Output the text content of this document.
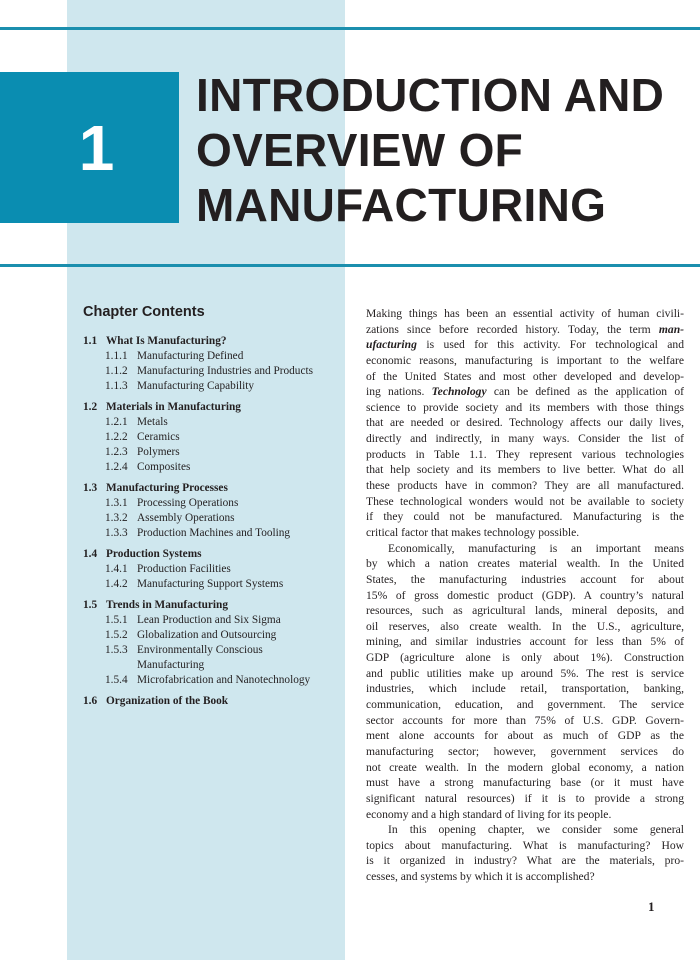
1
INTRODUCTION AND
OVERVIEW OF
MANUFACTURING
Chapter Contents
1.1 What Is Manufacturing?
1.1.1 Manufacturing Defined
1.1.2 Manufacturing Industries and Products
1.1.3 Manufacturing Capability
1.2 Materials in Manufacturing
1.2.1 Metals
1.2.2 Ceramics
1.2.3 Polymers
1.2.4 Composites
1.3 Manufacturing Processes
1.3.1 Processing Operations
1.3.2 Assembly Operations
1.3.3 Production Machines and Tooling
1.4 Production Systems
1.4.1 Production Facilities
1.4.2 Manufacturing Support Systems
1.5 Trends in Manufacturing
1.5.1 Lean Production and Six Sigma
1.5.2 Globalization and Outsourcing
1.5.3 Environmentally Conscious
Manufacturing
1.5.4 Microfabrication and Nanotechnology
1.6 Organization of the Book
Making things has been an essential activity of human civili-
zations since before recorded history. Today, the term man-
ufacturing is used for this activity. For technological and
economic reasons, manufacturing is important to the welfare
of the United States and most other developed and develop-
ing nations. Technology can be defined as the application of
science to provide society and its members with those things
that are needed or desired. Technology affects our daily lives,
directly and indirectly, in many ways. Consider the list of
products in Table 1.1. They represent various technologies
that help society and its members to live better. What do all
these products have in common? They are all manufactured.
These technological wonders would not be available to society
if they could not be manufactured. Manufacturing is the
critical factor that makes technology possible.
Economically, manufacturing is an important means
by which a nation creates material wealth. In the United
States, the manufacturing industries account for about
15% of gross domestic product (GDP). A country’s natural
resources, such as agricultural lands, mineral deposits, and
oil reserves, also create wealth. In the U.S., agriculture,
mining, and similar industries account for less than 5% of
GDP (agriculture alone is only about 1%). Construction
and public utilities make up around 5%. The rest is service
industries, which include retail, transportation, banking,
communication, education, and government. The service
sector accounts for more than 75% of U.S. GDP. Govern-
ment alone accounts for about as much of GDP as the
manufacturing sector; however, government services do
not create wealth. In the modern global economy, a nation
must have a strong manufacturing base (or it must have
significant natural resources) if it is to provide a strong
economy and a high standard of living for its people.
In this opening chapter, we consider some general
topics about manufacturing. What is manufacturing? How
is it organized in industry? What are the materials, pro-
cesses, and systems by which it is accomplished?
1
